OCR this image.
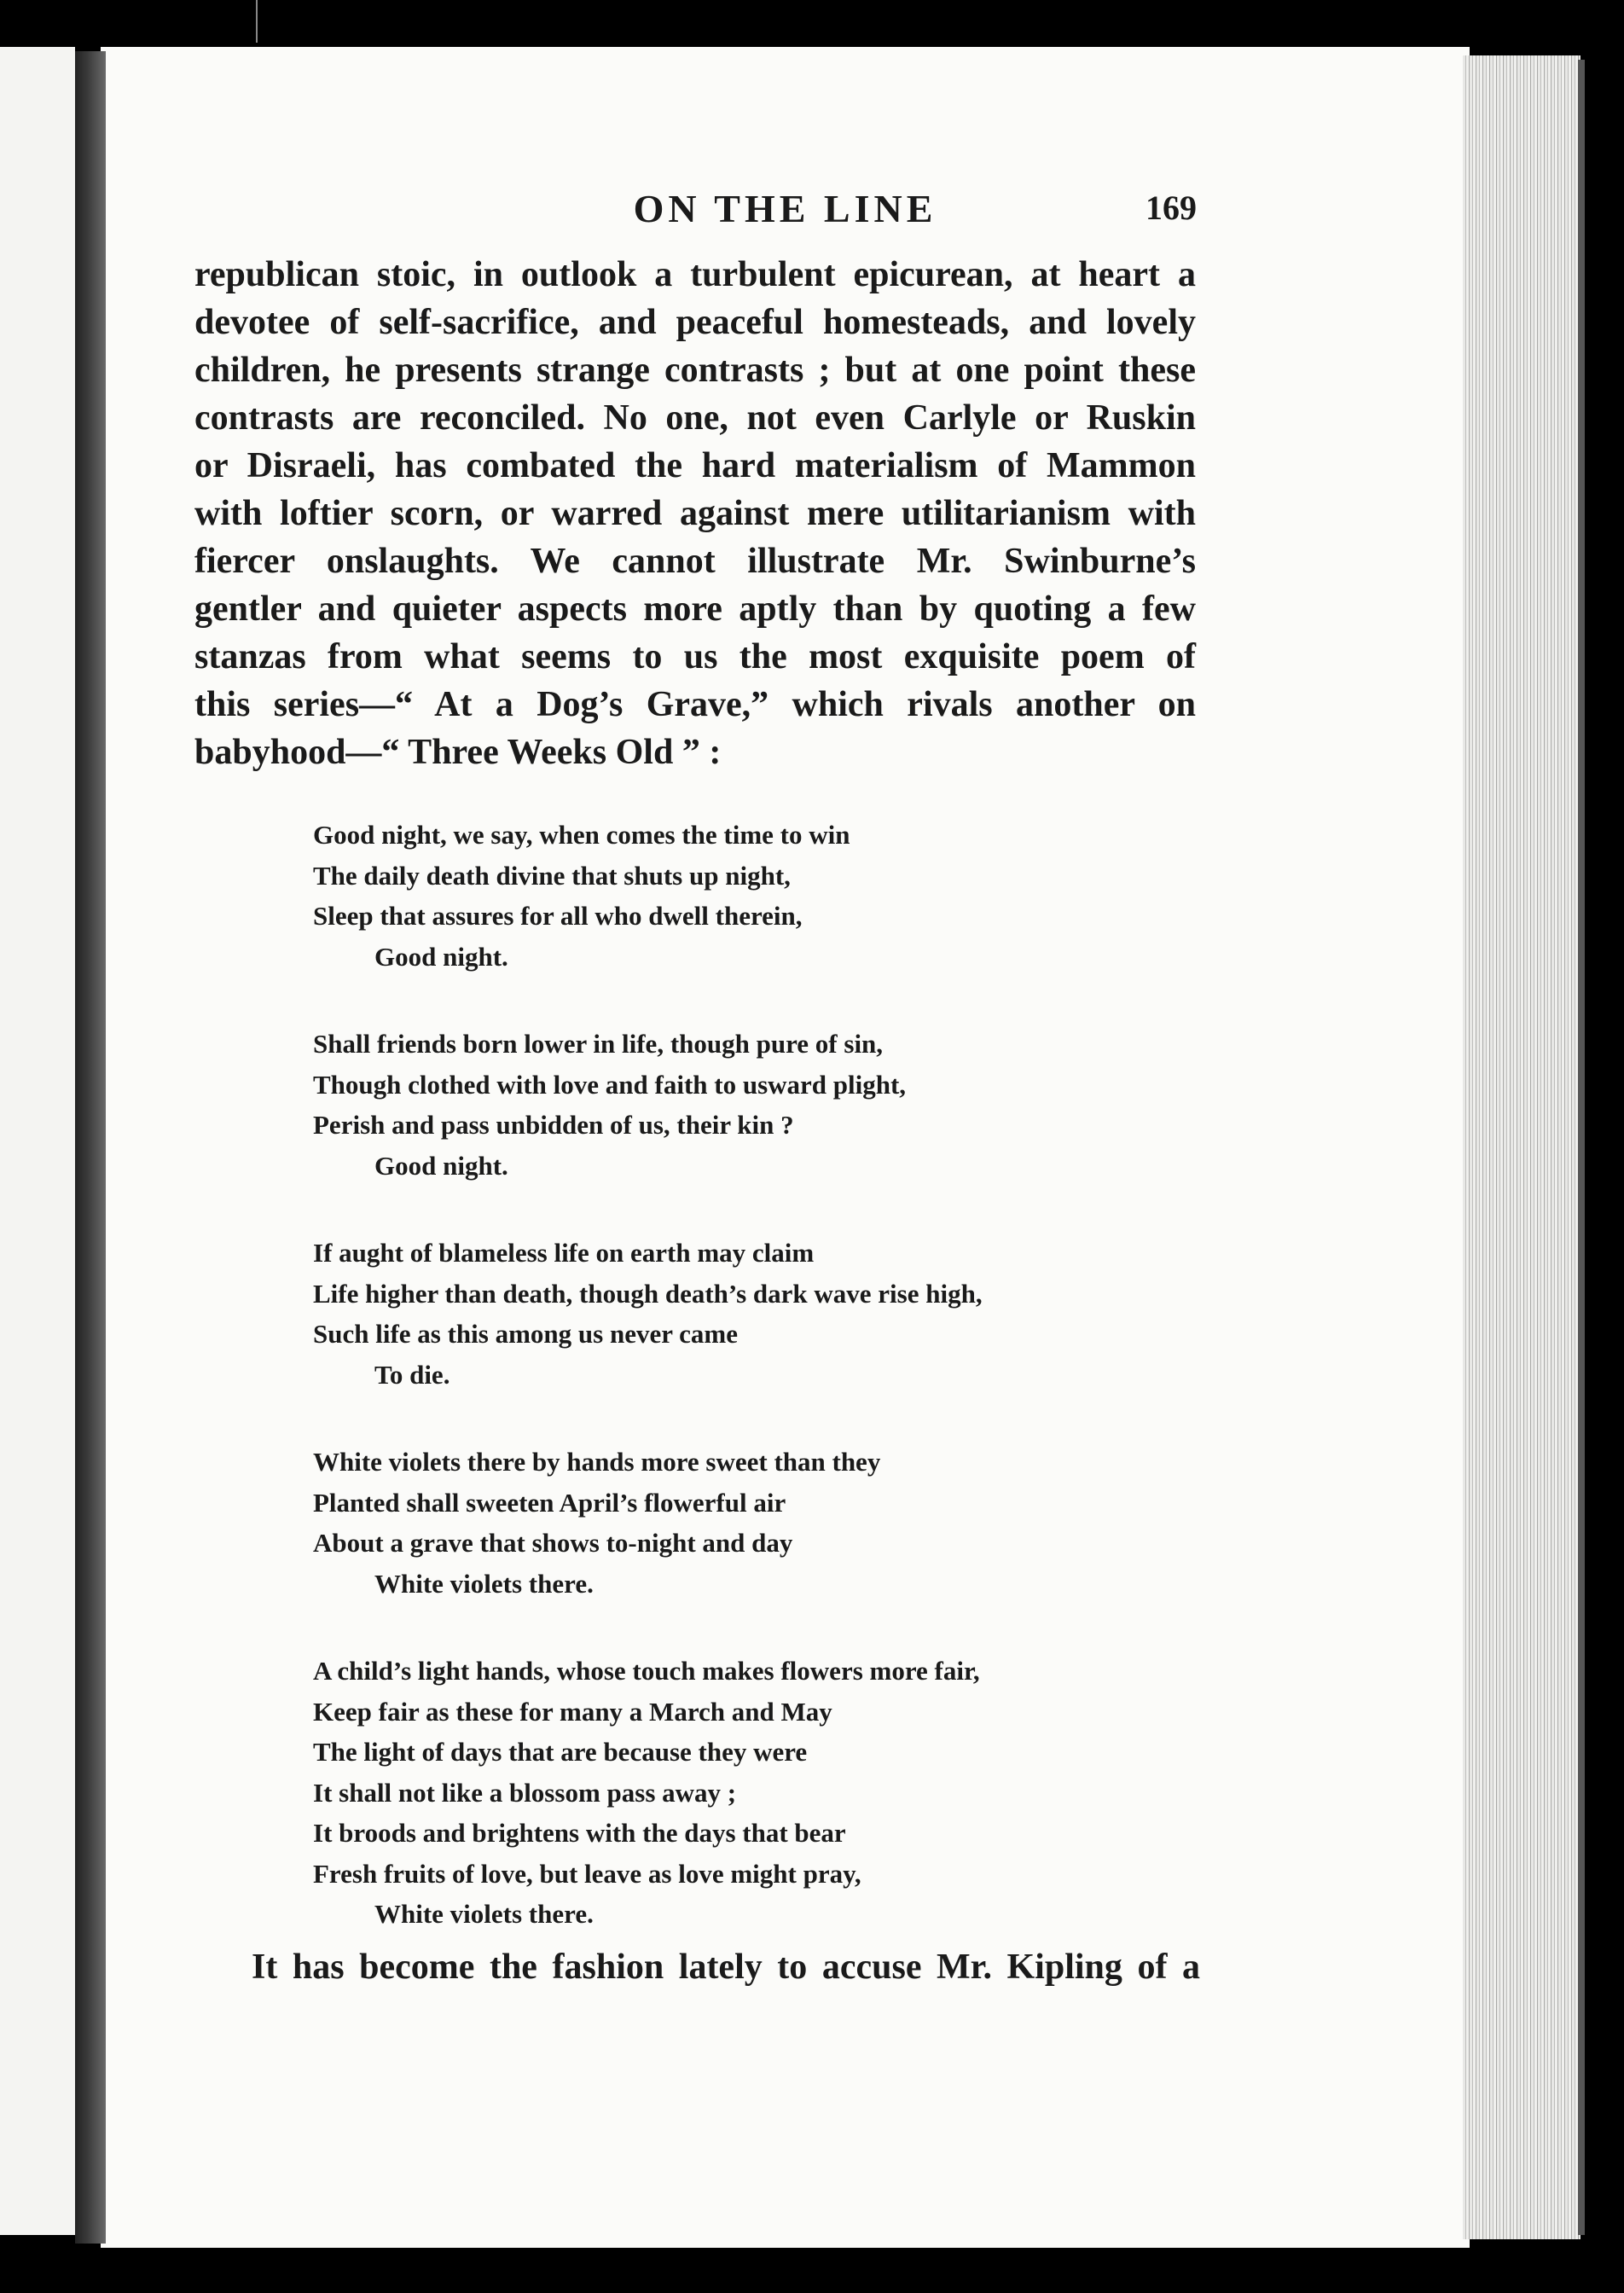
ON THE LINE	169
republican stoic, in outlook a turbulent epicurean, at heart a
devotee of self-sacrifice, and peaceful homesteads, and lovely
children, he presents strange contrasts ; but at one point these
contrasts are reconciled. No one, not even Carlyle or Ruskin
or Disraeli, has combated the hard materialism of Mammon
with loftier scorn, or warred against mere utilitarianism with
fiercer onslaughts. We cannot illustrate Mr. Swinburne’s
gentler and quieter aspects more aptly than by quoting a few
stanzas from what seems to us the most exquisite poem of
this series—“ At a Dog’s Grave,” which rivals another on
babyhood—“ Three Weeks Old ” :
Good night, we say, when comes the time to win
The daily death divine that shuts up night,
Sleep that assures for all who dwell therein,
Good night.
Shall friends born lower in life, though pure of sin,
Though clothed with love and faith to usward plight,
Perish and pass unbidden of us, their kin ?
Good night.
If aught of blameless life on earth may claim
Life higher than death, though death’s dark wave rise high,
Such life as this among us never came
To die.
White violets there by hands more sweet than they
Planted shall sweeten April’s flowerful air
About a grave that shows to-night and day
White violets there.
A child’s light hands, whose touch makes flowers more fair,
Keep fair as these for many a March and May
The light of days that are because they were
It shall not like a blossom pass away ;
It broods and brightens with the days that bear
Fresh fruits of love, but leave as love might pray,
White violets there.
It has become the fashion lately to accuse Mr. Kipling of a
